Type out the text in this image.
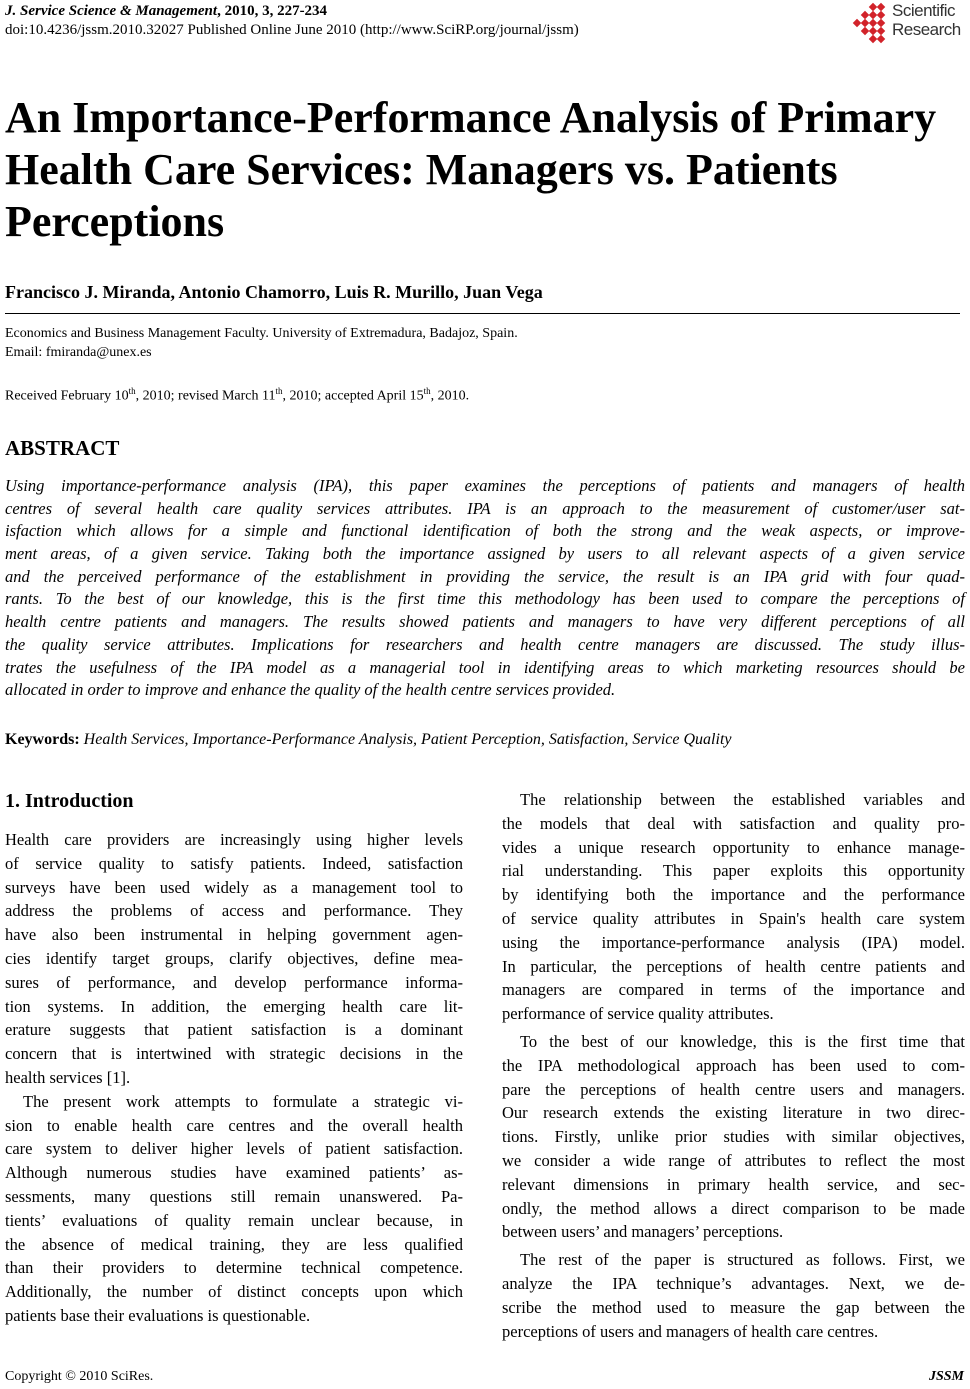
J. Service Science & Management, 2010, 3, 227-234
doi:10.4236/jssm.2010.32027 Published Online June 2010 (http://www.SciRP.org/journal/jssm)
Scientific
Research
An Importance-Performance Analysis of Primary Health Care Services: Managers vs. Patients Perceptions
Francisco J. Miranda, Antonio Chamorro, Luis R. Murillo, Juan Vega
Economics and Business Management Faculty. University of Extremadura, Badajoz, Spain.
Email: fmiranda@unex.es
Received February 10th, 2010; revised March 11th, 2010; accepted April 15th, 2010.
ABSTRACT
Using importance-performance analysis (IPA), this paper examines the perceptions of patients and managers of health
centres of several health care quality services attributes. IPA is an approach to the measurement of customer/user sat-
isfaction which allows for a simple and functional identification of both the strong and the weak aspects, or improve-
ment areas, of a given service. Taking both the importance assigned by users to all relevant aspects of a given service
and the perceived performance of the establishment in providing the service, the result is an IPA grid with four quad-
rants. To the best of our knowledge, this is the first time this methodology has been used to compare the perceptions of
health centre patients and managers. The results showed patients and managers to have very different perceptions of all
the quality service attributes. Implications for researchers and health centre managers are discussed. The study illus-
trates the usefulness of the IPA model as a managerial tool in identifying areas to which marketing resources should be
allocated in order to improve and enhance the quality of the health centre services provided.
Keywords: Health Services, Importance-Performance Analysis, Patient Perception, Satisfaction, Service Quality
1. Introduction
Health care providers are increasingly using higher levels
of service quality to satisfy patients. Indeed, satisfaction
surveys have been used widely as a management tool to
address the problems of access and performance. They
have also been instrumental in helping government agen-
cies identify target groups, clarify objectives, define mea-
sures of performance, and develop performance informa-
tion systems. In addition, the emerging health care lit-
erature suggests that patient satisfaction is a dominant
concern that is intertwined with strategic decisions in the
health services [1].
The present work attempts to formulate a strategic vi-
sion to enable health care centres and the overall health
care system to deliver higher levels of patient satisfaction.
Although numerous studies have examined patients’ as-
sessments, many questions still remain unanswered. Pa-
tients’ evaluations of quality remain unclear because, in
the absence of medical training, they are less qualified
than their providers to determine technical competence.
Additionally, the number of distinct concepts upon which
patients base their evaluations is questionable.
The relationship between the established variables and
the models that deal with satisfaction and quality pro-
vides a unique research opportunity to enhance manage-
rial understanding. This paper exploits this opportunity
by identifying both the importance and the performance
of service quality attributes in Spain's health care system
using the importance-performance analysis (IPA) model.
In particular, the perceptions of health centre patients and
managers are compared in terms of the importance and
performance of service quality attributes.
To the best of our knowledge, this is the first time that
the IPA methodological approach has been used to com-
pare the perceptions of health centre users and managers.
Our research extends the existing literature in two direc-
tions. Firstly, unlike prior studies with similar objectives,
we consider a wide range of attributes to reflect the most
relevant dimensions in primary health service, and sec-
ondly, the method allows a direct comparison to be made
between users’ and managers’ perceptions.
The rest of the paper is structured as follows. First, we
analyze the IPA technique’s advantages. Next, we de-
scribe the method used to measure the gap between the
perceptions of users and managers of health care centres.
Copyright © 2010 SciRes.	JSSM
